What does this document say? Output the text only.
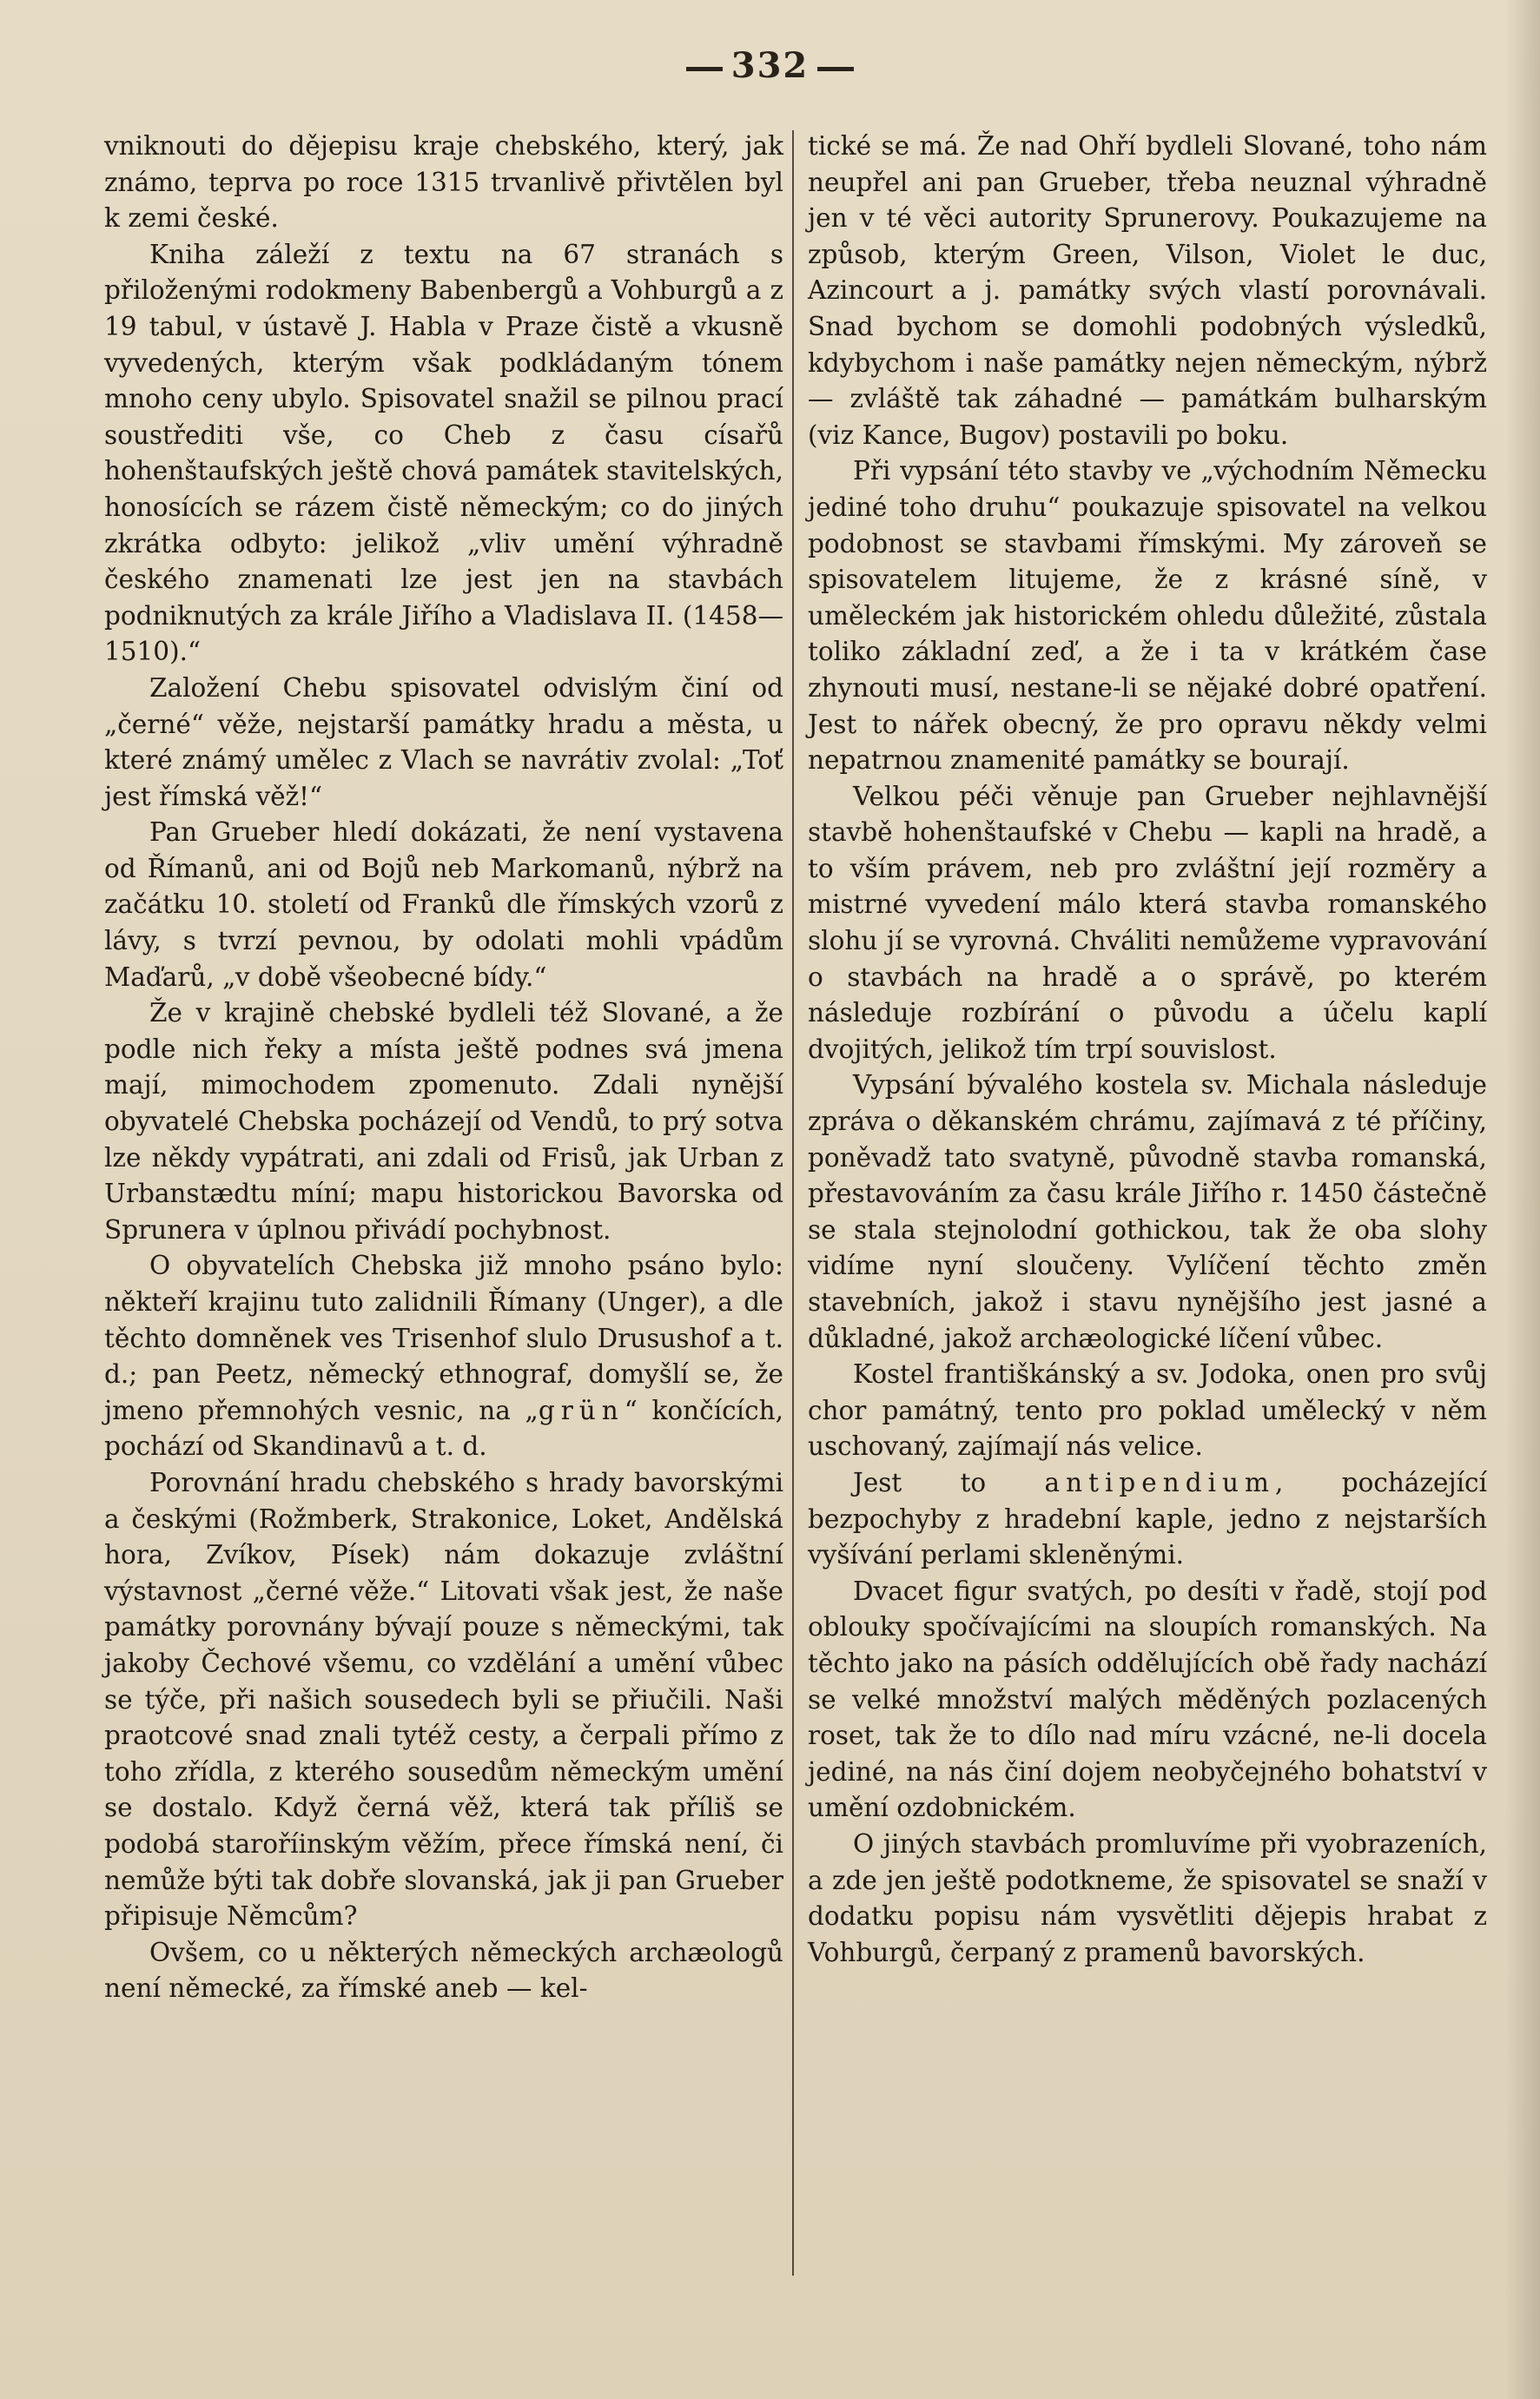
332

vniknouti do dějepisu kraje chebského, který, jak známo, teprva po roce 1315 trvanlivě přivtělen byl k zemi české.

Kniha záleží z textu na 67 stranách s přiloženými rodokmeny Babenbergů a Vohburgů a z 19 tabul, v ústavě J. Habla v Praze čistě a vkusně vyvedených, kterým však podkládaným tónem mnoho ceny ubylo. Spisovatel snažil se pilnou prací soustřediti vše, co Cheb z času císařů hohenštaufských ještě chová památek stavitelských, honosících se rázem čistě německým; co do jiných zkrátka odbyto: jelikož „vliv umění výhradně českého znamenati lze jest jen na stavbách podniknutých za krále Jiřího a Vladislava II. (1458—1510).“

Založení Chebu spisovatel odvislým činí od „černé“ věže, nejstarší památky hradu a města, u které známý umělec z Vlach se navrátiv zvolal: „Toť jest římská věž!“

Pan Grueber hledí dokázati, že není vystavena od Římanů, ani od Bojů neb Markomanů, nýbrž na začátku 10. století od Franků dle římských vzorů z lávy, s tvrzí pevnou, by odolati mohli vpádům Maďarů, „v době všeobecné bídy.“

Že v krajině chebské bydleli též Slované, a že podle nich řeky a místa ještě podnes svá jmena mají, mimochodem zpomenuto. Zdali nynější obyvatelé Chebska pocházejí od Vendů, to prý sotva lze někdy vypátrati, ani zdali od Frisů, jak Urban z Urbanstædtu míní; mapu historickou Bavorska od Sprunera v úplnou přivádí pochybnost.

O obyvatelích Chebska již mnoho psáno bylo: někteří krajinu tuto zalidnili Římany (Unger), a dle těchto domněnek ves Trisenhof slulo Drusushof a t. d.; pan Peetz, německý ethnograf, domyšlí se, že jmeno přemnohých vesnic, na „grün“ končících, pochází od Skandinavů a t. d.

Porovnání hradu chebského s hrady bavorskými a českými (Rožmberk, Strakonice, Loket, Andělská hora, Zvíkov, Písek) nám dokazuje zvláštní výstavnost „černé věže.“ Litovati však jest, že naše památky porovnány bývají pouze s německými, tak jakoby Čechové všemu, co vzdělání a umění vůbec se týče, při našich sousedech byli se přiučili. Naši praotcové snad znali tytéž cesty, a čerpali přímo z toho zřídla, z kterého sousedům německým umění se dostalo. Když černá věž, která tak příliš se podobá staroříinským věžím, přece římská není, či nemůže býti tak dobře slovanská, jak ji pan Grueber připisuje Němcům?

Ovšem, co u některých německých archæologů není německé, za římské aneb — kel-

tické se má. Že nad Ohří bydleli Slované, toho nám neupřel ani pan Grueber, třeba neuznal výhradně jen v té věci autority Sprunerovy. Poukazujeme na způsob, kterým Green, Vilson, Violet le duc, Azincourt a j. památky svých vlastí porovnávali. Snad bychom se domohli podobných výsledků, kdybychom i naše památky nejen německým, nýbrž — zvláště tak záhadné — památkám bulharským (viz Kance, Bugov) postavili po boku.

Při vypsání této stavby ve „východním Německu jediné toho druhu“ poukazuje spisovatel na velkou podobnost se stavbami římskými. My zároveň se spisovatelem litujeme, že z krásné síně, v uměleckém jak historickém ohledu důležité, zůstala toliko základní zeď, a že i ta v krátkém čase zhynouti musí, nestane-li se nějaké dobré opatření. Jest to nářek obecný, že pro opravu někdy velmi nepatrnou znamenité památky se bourají.

Velkou péči věnuje pan Grueber nejhlavnější stavbě hohenštaufské v Chebu — kapli na hradě, a to vším právem, neb pro zvláštní její rozměry a mistrné vyvedení málo která stavba romanského slohu jí se vyrovná. Chváliti nemůžeme vypravování o stavbách na hradě a o správě, po kterém následuje rozbírání o původu a účelu kaplí dvojitých, jelikož tím trpí souvislost.

Vypsání bývalého kostela sv. Michala následuje zpráva o děkanském chrámu, zajímavá z té příčiny, poněvadž tato svatyně, původně stavba romanská, přestavováním za času krále Jiřího r. 1450 částečně se stala stejnolodní gothickou, tak že oba slohy vidíme nyní sloučeny. Vylíčení těchto změn stavebních, jakož i stavu nynějšího jest jasné a důkladné, jakož archæologické líčení vůbec.

Kostel františkánský a sv. Jodoka, onen pro svůj chor památný, tento pro poklad umělecký v něm uschovaný, zajímají nás velice.

Jest to antipendium, pocházející bezpochyby z hradební kaple, jedno z nejstarších vyšívání perlami skleněnými.

Dvacet figur svatých, po desíti v řadě, stojí pod oblouky spočívajícími na sloupích romanských. Na těchto jako na pásích oddělujících obě řady nachází se velké množství malých měděných pozlacených roset, tak že to dílo nad míru vzácné, ne-li docela jediné, na nás činí dojem neobyčejného bohatství v umění ozdobnickém.

O jiných stavbách promluvíme při vyobrazeních, a zde jen ještě podotkneme, že spisovatel se snaží v dodatku popisu nám vysvětliti dějepis hrabat z Vohburgů, čerpaný z pramenů bavorských.
